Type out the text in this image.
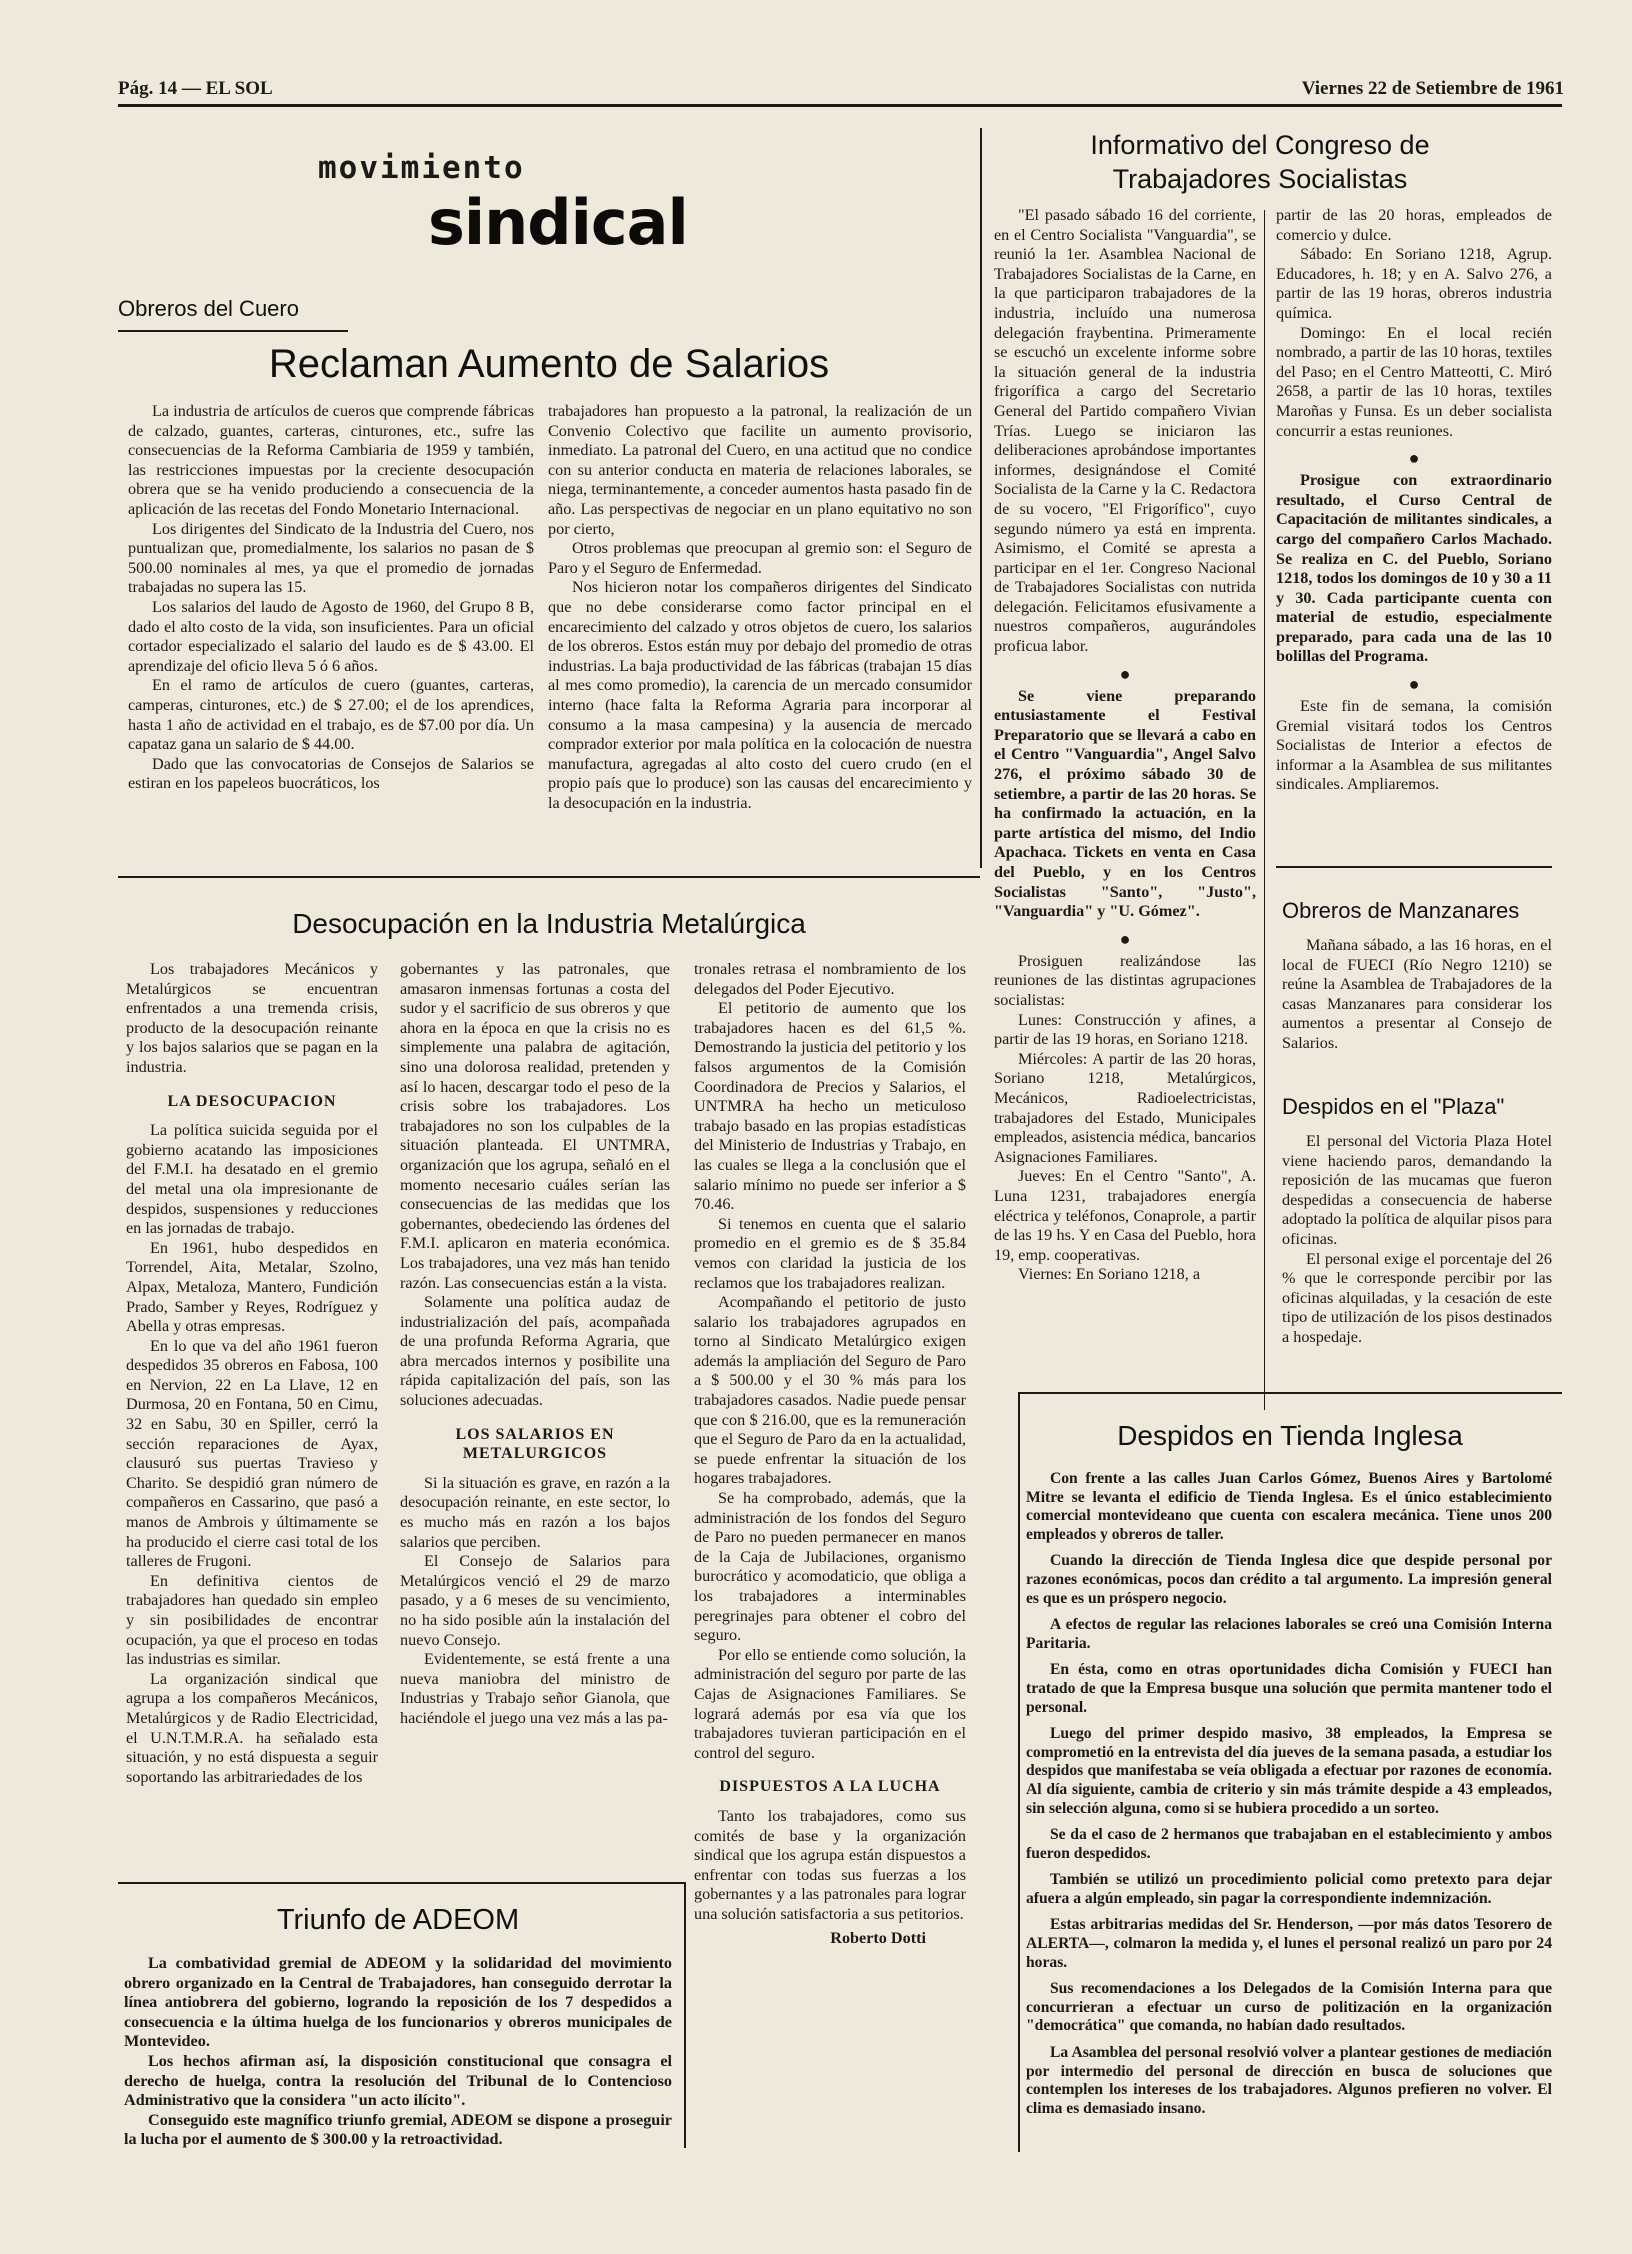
Pág. 14 — EL SOL	Viernes 22 de Setiembre de 1961
movimiento
sindical
Obreros del Cuero
Reclaman Aumento de Salarios

La industria de artículos de cueros que comprende fábricas de calzado, guantes, carteras, cinturones, etc., sufre las consecuencias de la Reforma Cambiaria de 1959 y también, las restricciones impuestas por la creciente desocupación obrera que se ha venido produciendo a consecuencia de la aplicación de las recetas del Fondo Monetario Internacional.

Los dirigentes del Sindicato de la Industria del Cuero, nos puntualizan que, promedialmente, los salarios no pasan de $ 500.00 nominales al mes, ya que el promedio de jornadas trabajadas no supera las 15.

Los salarios del laudo de Agosto de 1960, del Grupo 8 B, dado el alto costo de la vida, son insuficientes. Para un oficial cortador especializado el salario del laudo es de $ 43.00. El aprendizaje del oficio lleva 5 ó 6 años.

En el ramo de artículos de cuero (guantes, carteras, camperas, cinturones, etc.) de $ 27.00; el de los aprendices, hasta 1 año de actividad en el trabajo, es de $7.00 por día. Un capataz gana un salario de $ 44.00.

Dado que las convocatorias de Consejos de Salarios se estiran en los papeleos buocráticos, los

trabajadores han propuesto a la patronal, la realización de un Convenio Colectivo que facilite un aumento provisorio, inmediato. La patronal del Cuero, en una actitud que no condice con su anterior conducta en materia de relaciones laborales, se niega, terminantemente, a conceder aumentos hasta pasado fin de año. Las perspectivas de negociar en un plano equitativo no son por cierto,

Otros problemas que preocupan al gremio son: el Seguro de Paro y el Seguro de Enfermedad.

Nos hicieron notar los compañeros dirigentes del Sindicato que no debe considerarse como factor principal en el encarecimiento del calzado y otros objetos de cuero, los salarios de los obreros. Estos están muy por debajo del promedio de otras industrias. La baja productividad de las fábricas (trabajan 15 días al mes como promedio), la carencia de un mercado consumidor interno (hace falta la Reforma Agraria para incorporar al consumo a la masa campesina) y la ausencia de mercado comprador exterior por mala política en la colocación de nuestra manufactura, agregadas al alto costo del cuero crudo (en el propio país que lo produce) son las causas del encarecimiento y la desocupación en la industria.

Informativo del Congreso de
Trabajadores Socialistas

"El pasado sábado 16 del corriente, en el Centro Socialista "Vanguardia", se reunió la 1er. Asamblea Nacional de Trabajadores Socialistas de la Carne, en la que participaron trabajadores de la industria, incluído una numerosa delegación fraybentina. Primeramente se escuchó un excelente informe sobre la situación general de la industria frigorífica a cargo del Secretario General del Partido compañero Vivian Trías. Luego se iniciaron las deliberaciones aprobándose importantes informes, designándose el Comité Socialista de la Carne y la C. Redactora de su vocero, "El Frigorífico", cuyo segundo número ya está en imprenta. Asimismo, el Comité se apresta a participar en el 1er. Congreso Nacional de Trabajadores Socialistas con nutrida delegación. Felicitamos efusivamente a nuestros compañeros, augurándoles proficua labor.

●

Se viene preparando entusiastamente el Festival Preparatorio que se llevará a cabo en el Centro "Vanguardia", Angel Salvo 276, el próximo sábado 30 de setiembre, a partir de las 20 horas. Se ha confirmado la actuación, en la parte artística del mismo, del Indio Apachaca. Tickets en venta en Casa del Pueblo, y en los Centros Socialistas "Santo", "Justo", "Vanguardia" y "U. Gómez".

●

Prosiguen realizándose las reuniones de las distintas agrupaciones socialistas:

Lunes: Construcción y afines, a partir de las 19 horas, en Soriano 1218.

Miércoles: A partir de las 20 horas, Soriano 1218, Metalúrgicos, Mecánicos, Radioelectricistas, trabajadores del Estado, Municipales empleados, asistencia médica, bancarios Asignaciones Familiares.

Jueves: En el Centro "Santo", A. Luna 1231, trabajadores energía eléctrica y teléfonos, Conaprole, a partir de las 19 hs. Y en Casa del Pueblo, hora 19, emp. cooperativas.

Viernes: En Soriano 1218, a

partir de las 20 horas, empleados de comercio y dulce.

Sábado: En Soriano 1218, Agrup. Educadores, h. 18; y en A. Salvo 276, a partir de las 19 horas, obreros industria química.

Domingo: En el local recién nombrado, a partir de las 10 horas, textiles del Paso; en el Centro Matteotti, C. Miró 2658, a partir de las 10 horas, textiles Maroñas y Funsa. Es un deber socialista concurrir a estas reuniones.

●

Prosigue con extraordinario resultado, el Curso Central de Capacitación de militantes sindicales, a cargo del compañero Carlos Machado. Se realiza en C. del Pueblo, Soriano 1218, todos los domingos de 10 y 30 a 11 y 30. Cada participante cuenta con material de estudio, especialmente preparado, para cada una de las 10 bolillas del Programa.

●

Este fin de semana, la comisión Gremial visitará todos los Centros Socialistas de Interior a efectos de informar a la Asamblea de sus militantes sindicales. Ampliaremos.

Obreros de Manzanares

Mañana sábado, a las 16 horas, en el local de FUECI (Río Negro 1210) se reúne la Asamblea de Trabajadores de la casas Manzanares para considerar los aumentos a presentar al Consejo de Salarios.

Despidos en el "Plaza"

El personal del Victoria Plaza Hotel viene haciendo paros, demandando la reposición de las mucamas que fueron despedidas a consecuencia de haberse adoptado la política de alquilar pisos para oficinas.

El personal exige el porcentaje del 26 % que le corresponde percibir por las oficinas alquiladas, y la cesación de este tipo de utilización de los pisos destinados a hospedaje.

Desocupación en la Industria Metalúrgica

Los trabajadores Mecánicos y Metalúrgicos se encuentran enfrentados a una tremenda crisis, producto de la desocupación reinante y los bajos salarios que se pagan en la industria.

LA DESOCUPACION

La política suicida seguida por el gobierno acatando las imposiciones del F.M.I. ha desatado en el gremio del metal una ola impresionante de despidos, suspensiones y reducciones en las jornadas de trabajo.

En 1961, hubo despedidos en Torrendel, Aita, Metalar, Szolno, Alpax, Metaloza, Mantero, Fundición Prado, Samber y Reyes, Rodríguez y Abella y otras empresas.

En lo que va del año 1961 fueron despedidos 35 obreros en Fabosa, 100 en Nervion, 22 en La Llave, 12 en Durmosa, 20 en Fontana, 50 en Cimu, 32 en Sabu, 30 en Spiller, cerró la sección reparaciones de Ayax, clausuró sus puertas Travieso y Charito. Se despidió gran número de compañeros en Cassarino, que pasó a manos de Ambrois y últimamente se ha producido el cierre casi total de los talleres de Frugoni.

En definitiva cientos de trabajadores han quedado sin empleo y sin posibilidades de encontrar ocupación, ya que el proceso en todas las industrias es similar.

La organización sindical que agrupa a los compañeros Mecánicos, Metalúrgicos y de Radio Electricidad, el U.N.T.M.R.A. ha señalado esta situación, y no está dispuesta a seguir soportando las arbitrariedades de los

gobernantes y las patronales, que amasaron inmensas fortunas a costa del sudor y el sacrificio de sus obreros y que ahora en la época en que la crisis no es simplemente una palabra de agitación, sino una dolorosa realidad, pretenden y así lo hacen, descargar todo el peso de la crisis sobre los trabajadores. Los trabajadores no son los culpables de la situación planteada. El UNTMRA, organización que los agrupa, señaló en el momento necesario cuáles serían las consecuencias de las medidas que los gobernantes, obedeciendo las órdenes del F.M.I. aplicaron en materia económica. Los trabajadores, una vez más han tenido razón. Las consecuencias están a la vista.

Solamente una política audaz de industrialización del país, acompañada de una profunda Reforma Agraria, que abra mercados internos y posibilite una rápida capitalización del país, son las soluciones adecuadas.

LOS SALARIOS EN METALURGICOS

Si la situación es grave, en razón a la desocupación reinante, en este sector, lo es mucho más en razón a los bajos salarios que perciben.

El Consejo de Salarios para Metalúrgicos venció el 29 de marzo pasado, y a 6 meses de su vencimiento, no ha sido posible aún la instalación del nuevo Consejo.

Evidentemente, se está frente a una nueva maniobra del ministro de Industrias y Trabajo señor Gianola, que haciéndole el juego una vez más a las pa-

tronales retrasa el nombramiento de los delegados del Poder Ejecutivo.

El petitorio de aumento que los trabajadores hacen es del 61,5 %. Demostrando la justicia del petitorio y los falsos argumentos de la Comisión Coordinadora de Precios y Salarios, el UNTMRA ha hecho un meticuloso trabajo basado en las propias estadísticas del Ministerio de Industrias y Trabajo, en las cuales se llega a la conclusión que el salario mínimo no puede ser inferior a $ 70.46.

Si tenemos en cuenta que el salario promedio en el gremio es de $ 35.84 vemos con claridad la justicia de los reclamos que los trabajadores realizan.

Acompañando el petitorio de justo salario los trabajadores agrupados en torno al Sindicato Metalúrgico exigen además la ampliación del Seguro de Paro a $ 500.00 y el 30 % más para los trabajadores casados. Nadie puede pensar que con $ 216.00, que es la remuneración que el Seguro de Paro da en la actualidad, se puede enfrentar la situación de los hogares trabajadores.

Se ha comprobado, además, que la administración de los fondos del Seguro de Paro no pueden permanecer en manos de la Caja de Jubilaciones, organismo burocrático y acomodaticio, que obliga a los trabajadores a interminables peregrinajes para obtener el cobro del seguro.

Por ello se entiende como solución, la administración del seguro por parte de las Cajas de Asignaciones Familiares. Se logrará además por esa vía que los trabajadores tuvieran participación en el control del seguro.

DISPUESTOS A LA LUCHA

Tanto los trabajadores, como sus comités de base y la organización sindical que los agrupa están dispuestos a enfrentar con todas sus fuerzas a los gobernantes y a las patronales para lograr una solución satisfactoria a sus petitorios.

Roberto Dotti
Triunfo de ADEOM

La combatividad gremial de ADEOM y la solidaridad del movimiento obrero organizado en la Central de Trabajadores, han conseguido derrotar la línea antiobrera del gobierno, logrando la reposición de los 7 despedidos a consecuencia e la última huelga de los funcionarios y obreros municipales de Montevideo.

Los hechos afirman así, la disposición constitucional que consagra el derecho de huelga, contra la resolución del Tribunal de lo Contencioso Administrativo que la considera "un acto ilícito".

Conseguido este magnífico triunfo gremial, ADEOM se dispone a proseguir la lucha por el aumento de $ 300.00 y la retroactividad.

Despidos en Tienda Inglesa

Con frente a las calles Juan Carlos Gómez, Buenos Aires y Bartolomé Mitre se levanta el edificio de Tienda Inglesa. Es el único establecimiento comercial montevideano que cuenta con escalera mecánica. Tiene unos 200 empleados y obreros de taller.

Cuando la dirección de Tienda Inglesa dice que despide personal por razones económicas, pocos dan crédito a tal argumento. La impresión general es que es un próspero negocio.

A efectos de regular las relaciones laborales se creó una Comisión Interna Paritaria.

En ésta, como en otras oportunidades dicha Comisión y FUECI han tratado de que la Empresa busque una solución que permita mantener todo el personal.

Luego del primer despido masivo, 38 empleados, la Empresa se comprometió en la entrevista del día jueves de la semana pasada, a estudiar los despidos que manifestaba se veía obligada a efectuar por razones de economía. Al día siguiente, cambia de criterio y sin más trámite despide a 43 empleados, sin selección alguna, como si se hubiera procedido a un sorteo.

Se da el caso de 2 hermanos que trabajaban en el establecimiento y ambos fueron despedidos.

También se utilizó un procedimiento policial como pretexto para dejar afuera a algún empleado, sin pagar la correspondiente indemnización.

Estas arbitrarias medidas del Sr. Henderson, —por más datos Tesorero de ALERTA—, colmaron la medida y, el lunes el personal realizó un paro por 24 horas.

Sus recomendaciones a los Delegados de la Comisión Interna para que concurrieran a efectuar un curso de politización en la organización "democrática" que comanda, no habían dado resultados.

La Asamblea del personal resolvió volver a plantear gestiones de mediación por intermedio del personal de dirección en busca de soluciones que contemplen los intereses de los trabajadores. Algunos prefieren no volver. El clima es demasiado insano.
